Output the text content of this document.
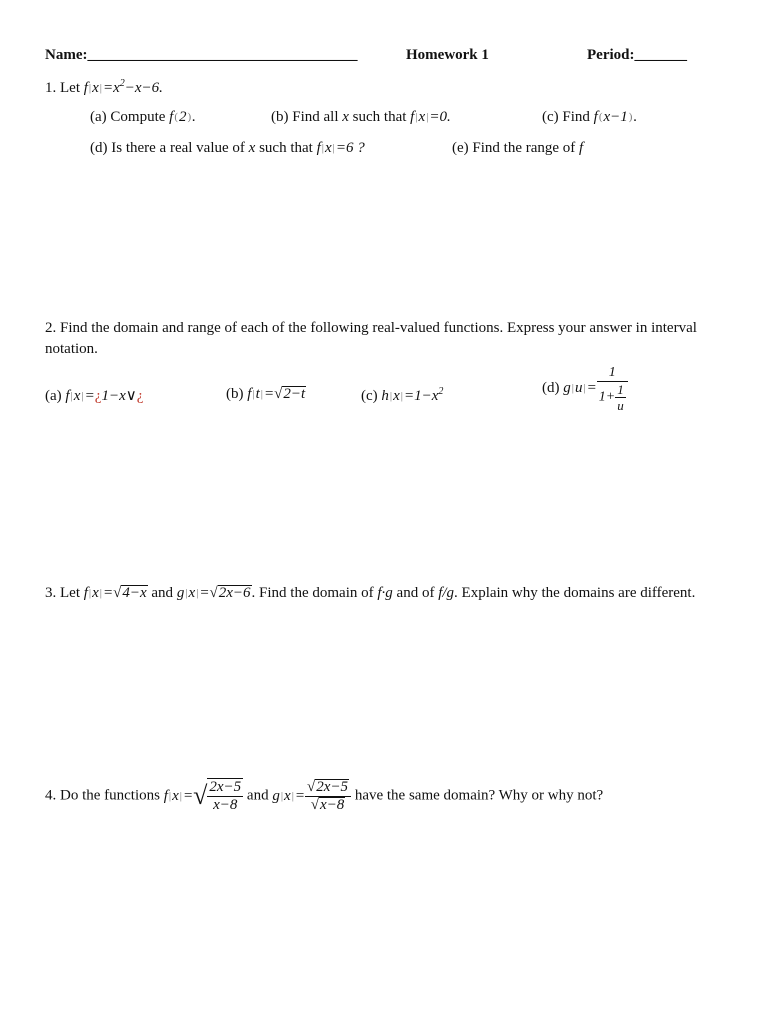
Name:____________________________________	Homework 1	Period:_______
1. Let $f|x|=x^2-x-6$.
(a) Compute f(2).	(b) Find all x such that f|x|=0.	(c) Find f(x−1).
(d) Is there a real value of x such that f|x|=6 ?	(e) Find the range of f
2. Find the domain and range of each of the following real-valued functions. Express your answer in interval notation.
(a) f|x|=¿1−x∨¿	(b) f|t|=√2−t	(c) $h|x|=1-x^2$	(d) $g|u|= \frac{1}{1+ \frac{1}{u}}$
3. Let f|x|=√4−x and g|x|=√2x−6. Find the domain of f·g and of f/g. Explain why the domains are different.
4. Do the functions $f|x|=√ \frac{2x-5}{x-8}$ and $g|x|= \frac{√2x-5}{√x-8}$ have the same domain? Why or why not?
